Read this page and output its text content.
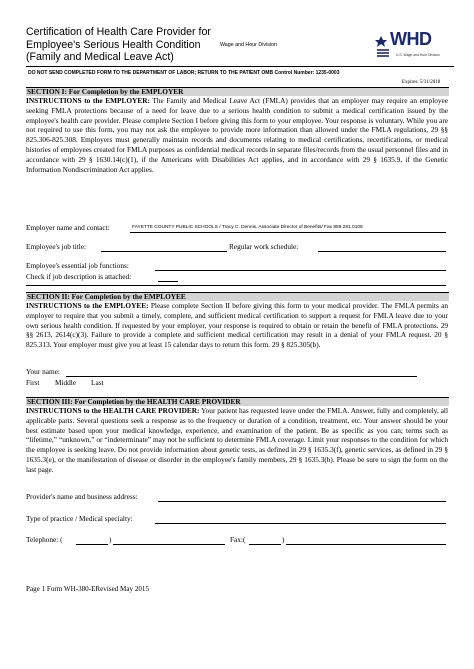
Certification of Health Care Provider for
Employee's Serious Health Condition
(Family and Medical Leave Act)
Wage and Hour Division	WHD
U.S. Wage and Hour Division
DO NOT SEND COMPLETED FORM TO THE DEPARTMENT OF LABOR; RETURN TO THE PATIENT OMB Control Number: 1235-0003
Expires: 5/31/2018
SECTION I: For Completion by the EMPLOYER
INSTRUCTIONS to the EMPLOYER: The Family and Medical Leave Act (FMLA) provides that an employer may require an employee seeking FMLA protections because of a need for leave due to a serious health condition to submit a medical certification issued by the employee's health care provider. Please complete Section I before giving this form to your employee. Your response is voluntary. While you are not required to use this form, you may not ask the employee to provide more information than allowed under the FMLA regulations, 29 §§ 825.306-825.308. Employers must generally maintain records and documents relating to medical certifications, recertifications, or medical histories of employees created for FMLA purposes as confidential medical records in separate files/records from the usual personnel files and in accordance with 29 § 1630.14(c)(1), if the Americans with Disabilities Act applies, and in accordance with 29 § 1635.9, if the Genetic Information Nondiscrimination Act applies.
Employer name and contact:	FAYETTE COUNTY PUBLIC SCHOOLS / Tracy C. Dennis, Associate Director of Benefits/ Fax 859.281.0108
Employee's job title:	Regular work schedule:
Employee's essential job functions:
Check if job description is attached:
SECTION II: For Completion by the EMPLOYEE
INSTRUCTIONS to the EMPLOYEE: Please complete Section II before giving this form to your medical provider. The FMLA permits an employer to require that you submit a timely, complete, and sufficient medical certification to support a request for FMLA leave due to your own serious health condition. If requested by your employer, your response is required to obtain or retain the benefit of FMLA protections. 29 §§ 2613, 2614(c)(3). Failure to provide a complete and sufficient medical certification may result in a denial of your FMLA request. 20 § 825.313. Your employer must give you at least 15 calendar days to return this form. 29 § 825.305(b).
Your name:
First Middle Last
SECTION III: For Completion by the HEALTH CARE PROVIDER
INSTRUCTIONS to the HEALTH CARE PROVIDER: Your patient has requested leave under the FMLA. Answer, fully and completely, all applicable parts. Several questions seek a response as to the frequency or duration of a condition, treatment, etc. Your answer should be your best estimate based upon your medical knowledge, experience, and examination of the patient. Be as specific as you can; terms such as “lifetime,” “unknown,” or “indeterminate” may not be sufficient to determine FMLA coverage. Limit your responses to the condition for which the employee is seeking leave. Do not provide information about genetic tests, as defined in 29 § 1635.3(f), genetic services, as defined in 29 § 1635.3(e), or the manifestation of disease or disorder in the employee's family members, 29 § 1635.3(b). Please be sure to sign the form on the last page.
Provider's name and business address:
Type of practice / Medical specialty:
Telephone: (	)	Fax:(	)
Page 1 Form WH-380-ERevised May 2015
